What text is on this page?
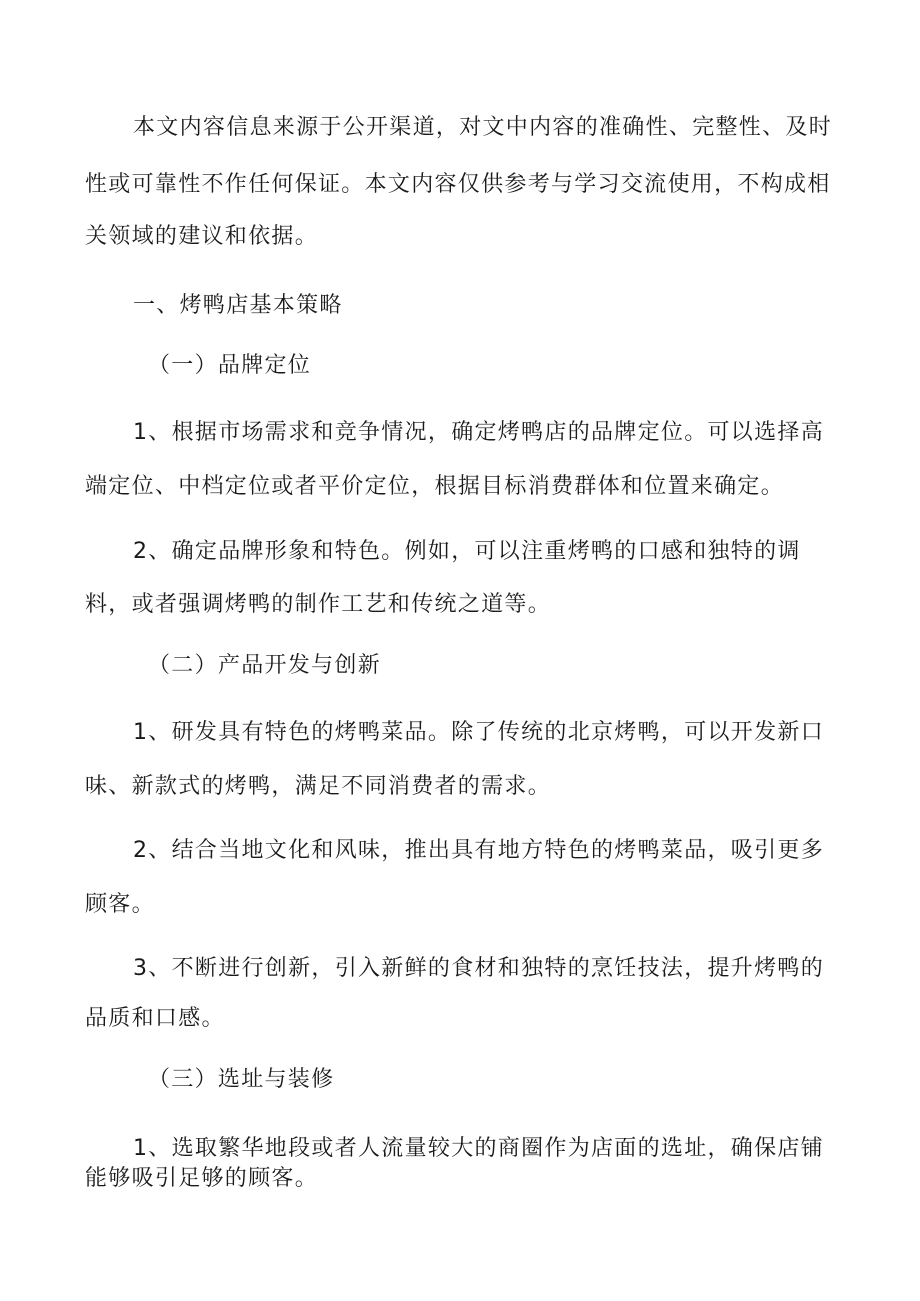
本文内容信息来源于公开渠道，对文中内容的准确性、完整性、及时
性或可靠性不作任何保证。本文内容仅供参考与学习交流使用，不构成相
关领域的建议和依据。
一、烤鸭店基本策略
（一）品牌定位
1、根据市场需求和竞争情况，确定烤鸭店的品牌定位。可以选择高
端定位、中档定位或者平价定位，根据目标消费群体和位置来确定。
2、确定品牌形象和特色。例如，可以注重烤鸭的口感和独特的调
料，或者强调烤鸭的制作工艺和传统之道等。
（二）产品开发与创新
1、研发具有特色的烤鸭菜品。除了传统的北京烤鸭，可以开发新口
味、新款式的烤鸭，满足不同消费者的需求。
2、结合当地文化和风味，推出具有地方特色的烤鸭菜品，吸引更多
顾客。
3、不断进行创新，引入新鲜的食材和独特的烹饪技法，提升烤鸭的
品质和口感。
（三）选址与装修
1、选取繁华地段或者人流量较大的商圈作为店面的选址，确保店铺
能够吸引足够的顾客。
